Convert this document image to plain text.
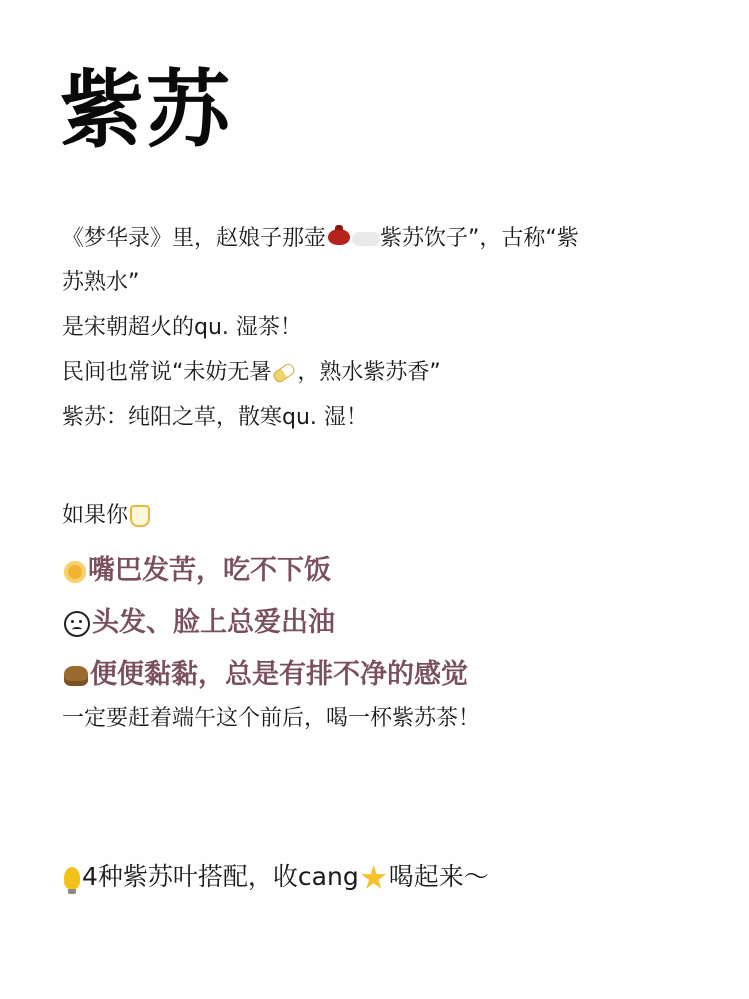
紫苏
《梦华录》里，赵娘子那壶 紫苏饮子”，古称“紫
苏熟水”
是宋朝超火的qu. 湿茶！
民间也常说“未妨无暑 ，熟水紫苏香”
紫苏：纯阳之草，散寒qu. 湿！
如果你
嘴巴发苦，吃不下饭
头发、脸上总爱出油
便便黏黏，总是有排不净的感觉
一定要赶着端午这个前后，喝一杯紫苏茶！
4种紫苏叶搭配，收cang 喝起来～
